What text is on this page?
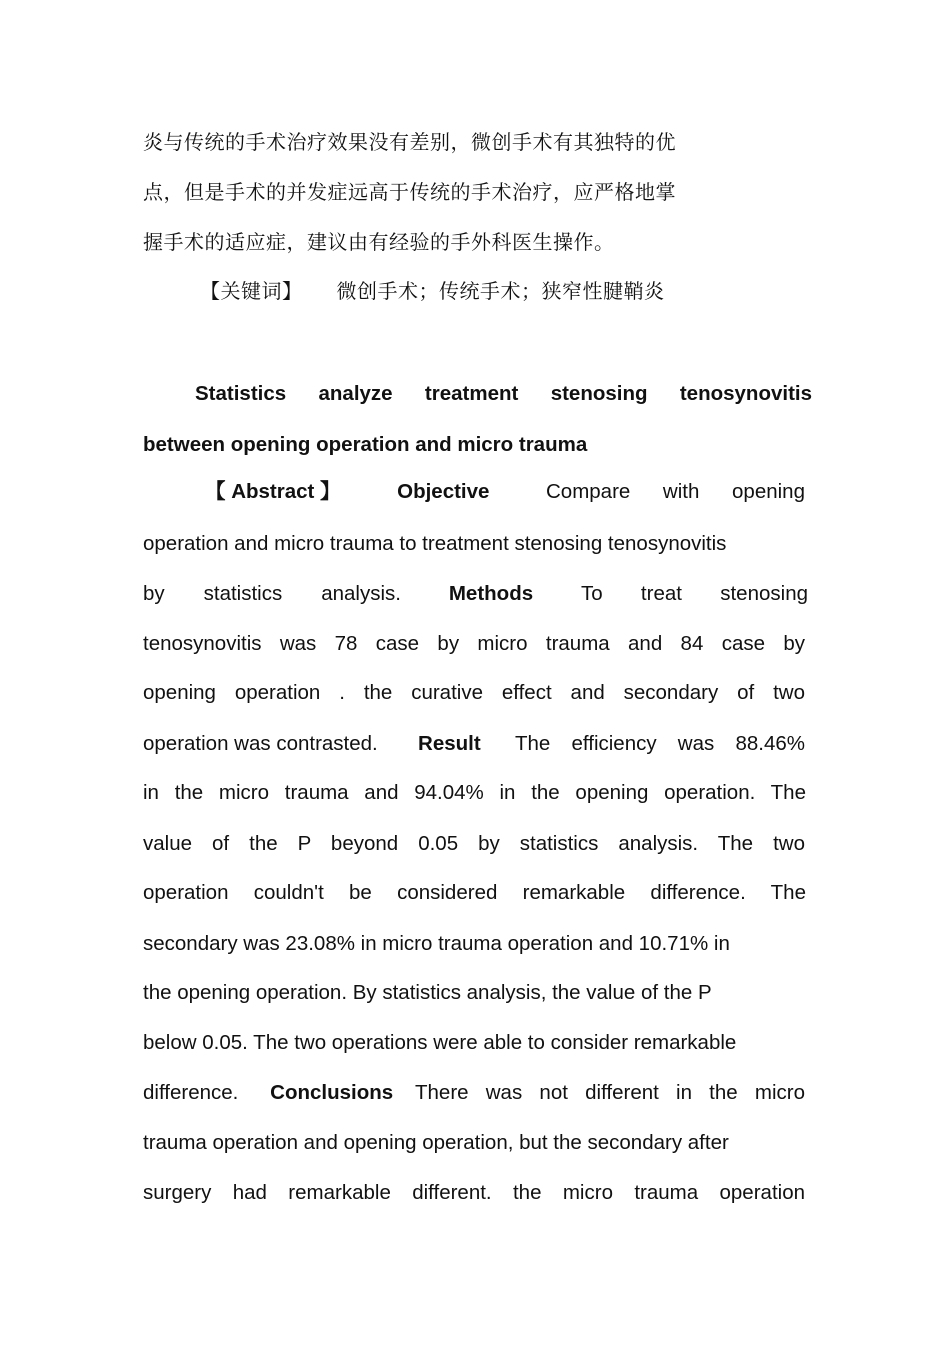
炎与传统的手术治疗效果没有差别，微创手术有其独特的优
点，但是手术的并发症远高于传统的手术治疗，应严格地掌
握手术的适应症，建议由有经验的手外科医生操作。
【关键词】 微创手术；传统手术；狭窄性腱鞘炎
Statistics analyze treatment stenosing tenosynovitis
between opening operation and micro trauma
【 Abstract 】	Objective	Compare with opening
operation and micro trauma to treatment stenosing tenosynovitis
by statistics analysis. Methods To treat stenosing
tenosynovitis was 78 case by micro trauma and 84 case by
opening operation . the curative effect and secondary of two
operation was contrasted. Result The efficiency was 88.46%
in the micro trauma and 94.04% in the opening operation. The
value of the P beyond 0.05 by statistics analysis. The two
operation couldn't be considered remarkable difference. The
secondary was 23.08% in micro trauma operation and 10.71% in
the opening operation. By statistics analysis, the value of the P
below 0.05. The two operations were able to consider remarkable
difference. Conclusions There was not different in the micro
trauma operation and opening operation, but the secondary after
surgery had remarkable different. the micro trauma operation
